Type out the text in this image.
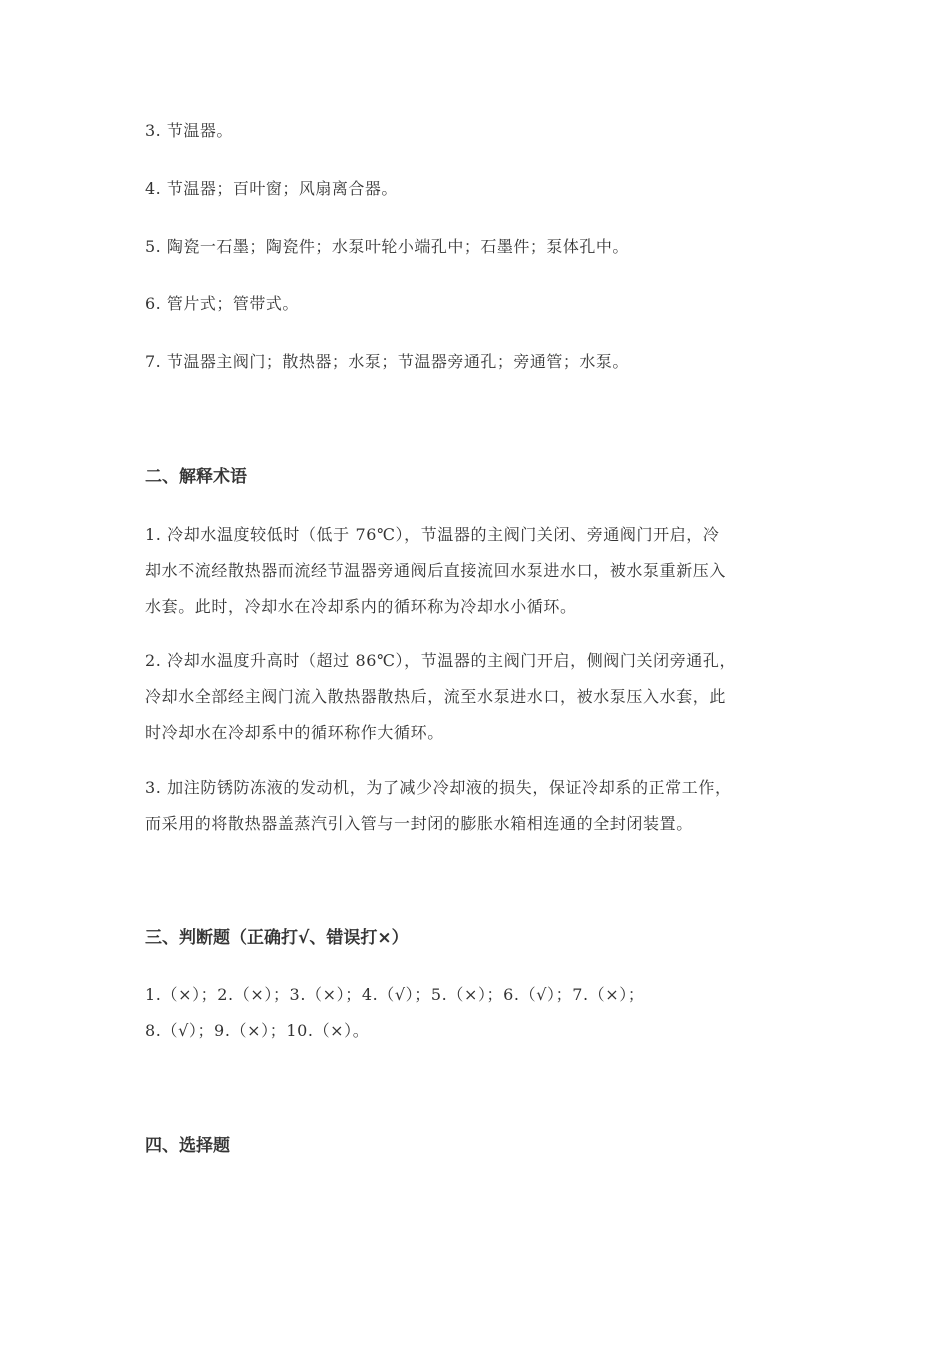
3. 节温器。
4. 节温器；百叶窗；风扇离合器。
5. 陶瓷一石墨；陶瓷件；水泵叶轮小端孔中；石墨件；泵体孔中。
6. 管片式；管带式。
7. 节温器主阀门；散热器；水泵；节温器旁通孔；旁通管；水泵。
二、解释术语
1. 冷却水温度较低时（低于 76℃），节温器的主阀门关闭、旁通阀门开启，冷
却水不流经散热器而流经节温器旁通阀后直接流回水泵进水口，被水泵重新压入
水套。此时，冷却水在冷却系内的循环称为冷却水小循环。
2. 冷却水温度升高时（超过 86℃），节温器的主阀门开启，侧阀门关闭旁通孔，
冷却水全部经主阀门流入散热器散热后，流至水泵进水口，被水泵压入水套，此
时冷却水在冷却系中的循环称作大循环。
3. 加注防锈防冻液的发动机，为了减少冷却液的损失，保证冷却系的正常工作，
而采用的将散热器盖蒸汽引入管与一封闭的膨胀水箱相连通的全封闭装置。
三、判断题（正确打√、错误打×）
1.（×）；2.（×）；3.（×）；4.（√）；5.（×）；6.（√）；7.（×）；
8.（√）；9.（×）；10.（×）。
四、选择题
